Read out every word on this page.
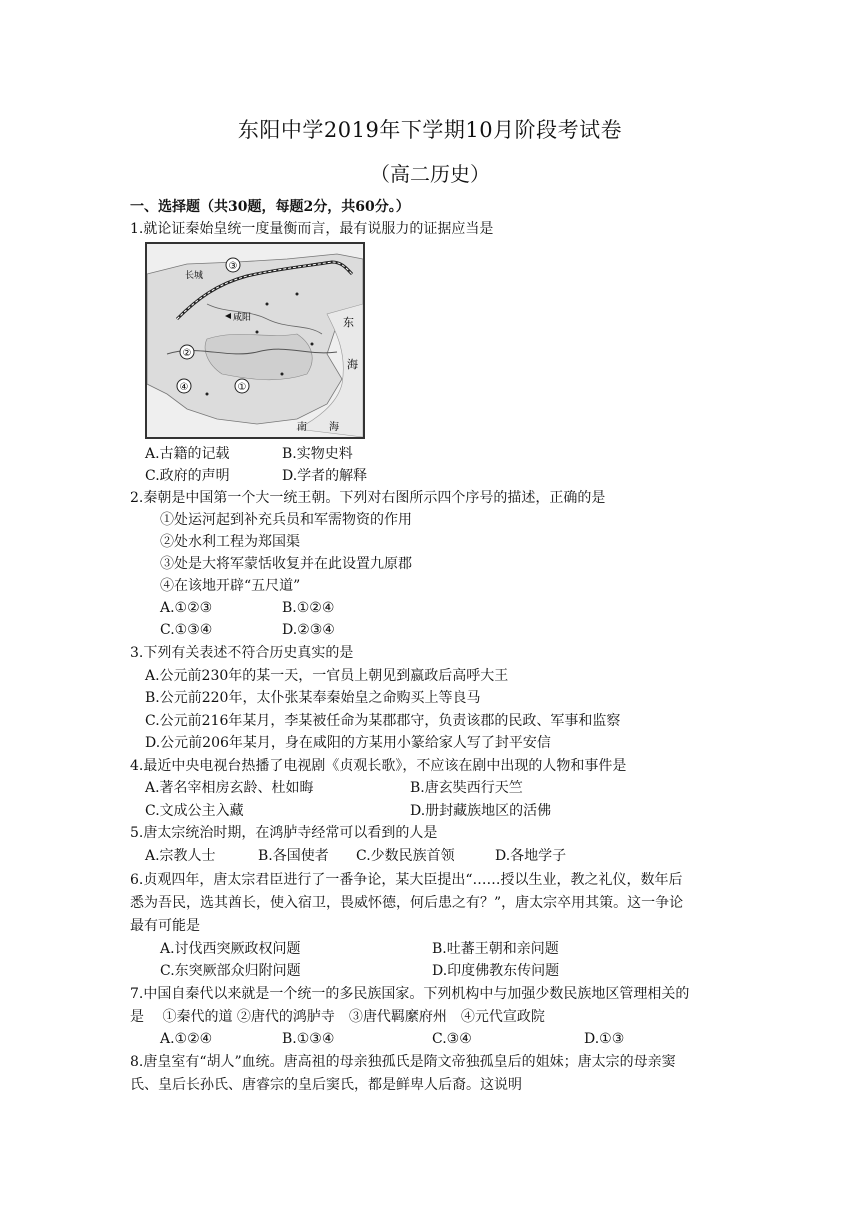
东阳中学2019年下学期10月阶段考试卷
（高二历史）
一、选择题（共30题，每题2分，共60分。）
1.就论证秦始皇统一度量衡而言，最有说服力的证据应当是
③
②
④	①
长城
咸阳	东
海
南 海
A.古籍的记载	B.实物史料
C.政府的声明	D.学者的解释
2.秦朝是中国第一个大一统王朝。下列对右图所示四个序号的描述，正确的是
①处运河起到补充兵员和军需物资的作用
②处水利工程为郑国渠
③处是大将军蒙恬收复并在此设置九原郡
④在该地开辟“五尺道”
A.①②③	B.①②④
C.①③④	D.②③④
3.下列有关表述不符合历史真实的是
A.公元前230年的某一天，一官员上朝见到嬴政后高呼大王
B.公元前220年，太仆张某奉秦始皇之命购买上等良马
C.公元前216年某月，李某被任命为某郡郡守，负责该郡的民政、军事和监察
D.公元前206年某月，身在咸阳的方某用小篆给家人写了封平安信
4.最近中央电视台热播了电视剧《贞观长歌》，不应该在剧中出现的人物和事件是
A.著名宰相房玄龄、杜如晦	B.唐玄奘西行天竺
C.文成公主入藏	D.册封藏族地区的活佛
5.唐太宗统治时期，在鸿胪寺经常可以看到的人是
A.宗教人士	B.各国使者 C.少数民族首领	D.各地学子
6.贞观四年，唐太宗君臣进行了一番争论，某大臣提出“……授以生业，教之礼仪，数年后
悉为吾民，选其酋长，使入宿卫，畏威怀德，何后患之有？”，唐太宗卒用其策。这一争论
最有可能是
A.讨伐西突厥政权问题	B.吐蕃王朝和亲问题
C.东突厥部众归附问题	D.印度佛教东传问题
7.中国自秦代以来就是一个统一的多民族国家。下列机构中与加强少数民族地区管理相关的
是　 ①秦代的道 ②唐代的鸿胪寺　③唐代羁縻府州　④元代宣政院
A.①②④	B.①③④	C.③④	D.①③
8.唐皇室有“胡人”血统。唐高祖的母亲独孤氏是隋文帝独孤皇后的姐妹；唐太宗的母亲窦
氏、皇后长孙氏、唐睿宗的皇后窦氏，都是鲜卑人后裔。这说明
